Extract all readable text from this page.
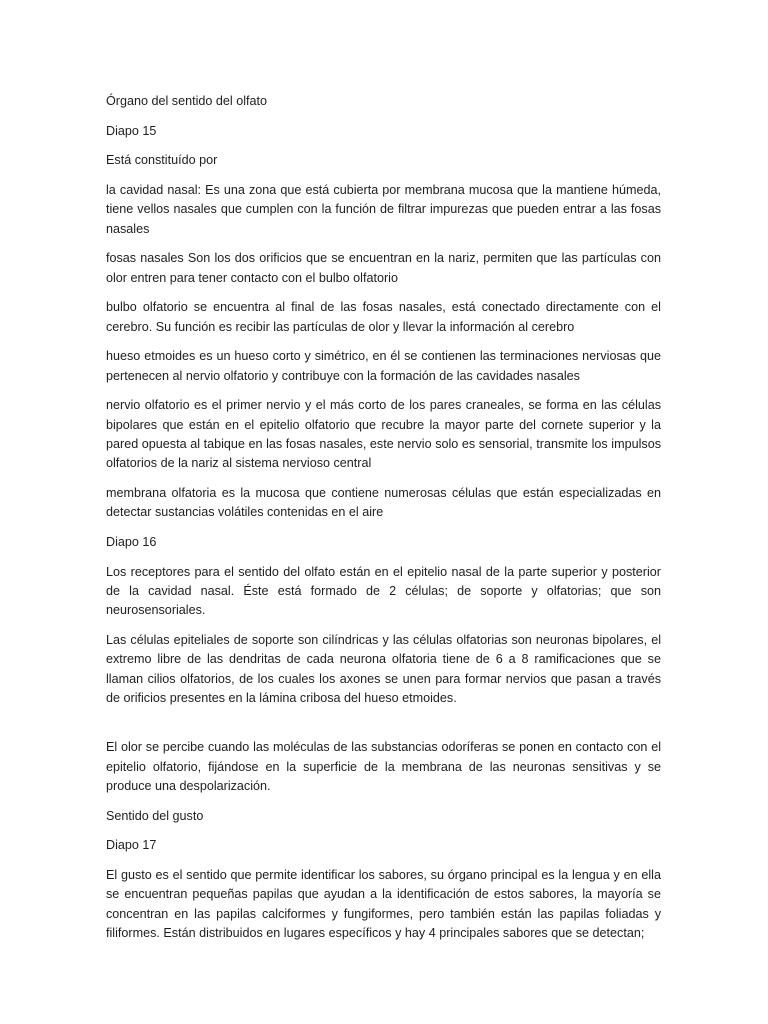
Órgano del sentido del olfato

Diapo 15

Está constituído por

la cavidad nasal: Es una zona que está cubierta por membrana mucosa que la mantiene húmeda, tiene vellos nasales que cumplen con la función de filtrar impurezas que pueden entrar a las fosas nasales

fosas nasales Son los dos orificios que se encuentran en la nariz, permiten que las partículas con olor entren para tener contacto con el bulbo olfatorio

bulbo olfatorio se encuentra al final de las fosas nasales, está conectado directamente con el cerebro. Su función es recibir las partículas de olor y llevar la información al cerebro

hueso etmoides es un hueso corto y simétrico, en él se contienen las terminaciones nerviosas que pertenecen al nervio olfatorio y contribuye con la formación de las cavidades nasales

nervio olfatorio es el primer nervio y el más corto de los pares craneales, se forma en las células bipolares que están en el epitelio olfatorio que recubre la mayor parte del cornete superior y la pared opuesta al tabique en las fosas nasales, este nervio solo es sensorial, transmite los impulsos olfatorios de la nariz al sistema nervioso central

membrana olfatoria es la mucosa que contiene numerosas células que están especializadas en detectar sustancias volátiles contenidas en el aire

Diapo 16

Los receptores para el sentido del olfato están en el epitelio nasal de la parte superior y posterior de la cavidad nasal. Éste está formado de 2 células; de soporte y olfatorias; que son neurosensoriales.

Las células epiteliales de soporte son cilíndricas y las células olfatorias son neuronas bipolares, el extremo libre de las dendritas de cada neurona olfatoria tiene de 6 a 8 ramificaciones que se llaman cilios olfatorios, de los cuales los axones se unen para formar nervios que pasan a través de orificios presentes en la lámina cribosa del hueso etmoides.

El olor se percibe cuando las moléculas de las substancias odoríferas se ponen en contacto con el epitelio olfatorio, fijándose en la superficie de la membrana de las neuronas sensitivas y se produce una despolarización.

Sentido del gusto

Diapo 17

El gusto es el sentido que permite identificar los sabores, su órgano principal es la lengua y en ella se encuentran pequeñas papilas que ayudan a la identificación de estos sabores, la mayoría se concentran en las papilas calciformes y fungiformes, pero también están las papilas foliadas y filiformes. Están distribuidos en lugares específicos y hay 4 principales sabores que se detectan;
